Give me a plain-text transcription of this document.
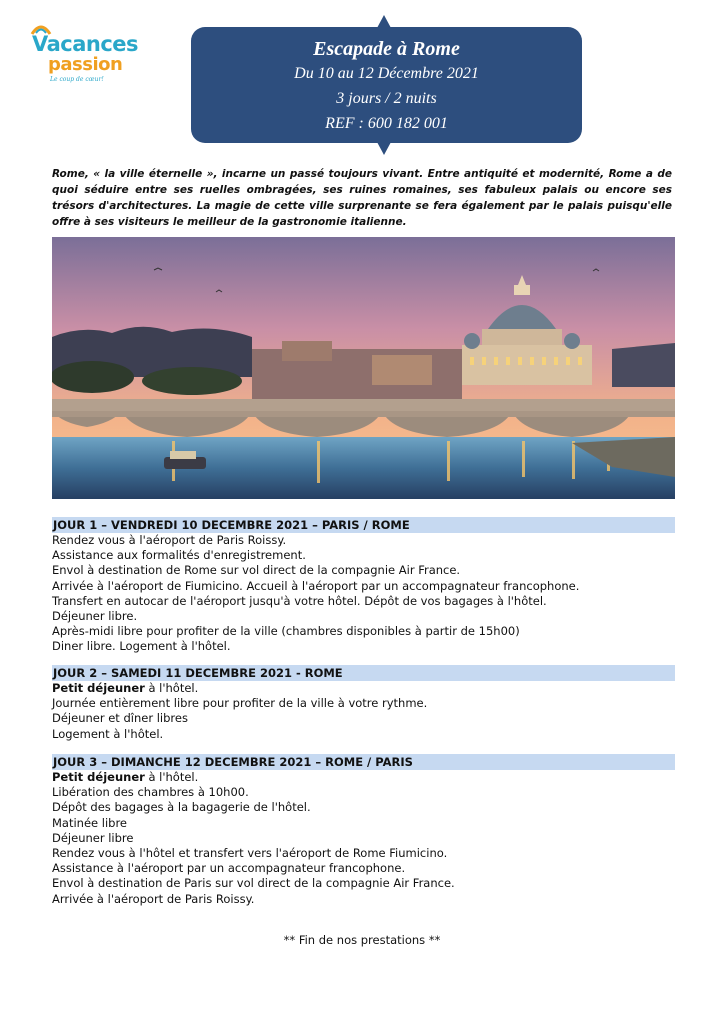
Vacances
passion
Le coup de cœur!
Escapade à Rome
Du 10 au 12 Décembre 2021
3 jours / 2 nuits
REF : 600 182 001
Rome, « la ville éternelle », incarne un passé toujours vivant. Entre antiquité et modernité, Rome a de quoi séduire entre ses ruelles ombragées, ses ruines romaines, ses fabuleux palais ou encore ses trésors d'architectures. La magie de cette ville surprenante se fera également par le palais puisqu'elle offre à ses visiteurs le meilleur de la gastronomie italienne.
JOUR 1 – VENDREDI 10 DECEMBRE 2021 – PARIS / ROME
Rendez vous à l'aéroport de Paris Roissy.
Assistance aux formalités d'enregistrement.
Envol à destination de Rome sur vol direct de la compagnie Air France.
Arrivée à l'aéroport de Fiumicino. Accueil à l'aéroport par un accompagnateur francophone.
Transfert en autocar de l'aéroport jusqu'à votre hôtel. Dépôt de vos bagages à l'hôtel.
Déjeuner libre.
Après-midi libre pour profiter de la ville (chambres disponibles à partir de 15h00)
Diner libre. Logement à l'hôtel.
JOUR 2 – SAMEDI 11 DECEMBRE 2021 - ROME
Petit déjeuner à l'hôtel.
Journée entièrement libre pour profiter de la ville à votre rythme.
Déjeuner et dîner libres
Logement à l'hôtel.
JOUR 3 – DIMANCHE 12 DECEMBRE 2021 – ROME / PARIS
Petit déjeuner à l'hôtel.
Libération des chambres à 10h00.
Dépôt des bagages à la bagagerie de l'hôtel.
Matinée libre
Déjeuner libre
Rendez vous à l'hôtel et transfert vers l'aéroport de Rome Fiumicino.
Assistance à l'aéroport par un accompagnateur francophone.
Envol à destination de Paris sur vol direct de la compagnie Air France.
Arrivée à l'aéroport de Paris Roissy.
** Fin de nos prestations **
